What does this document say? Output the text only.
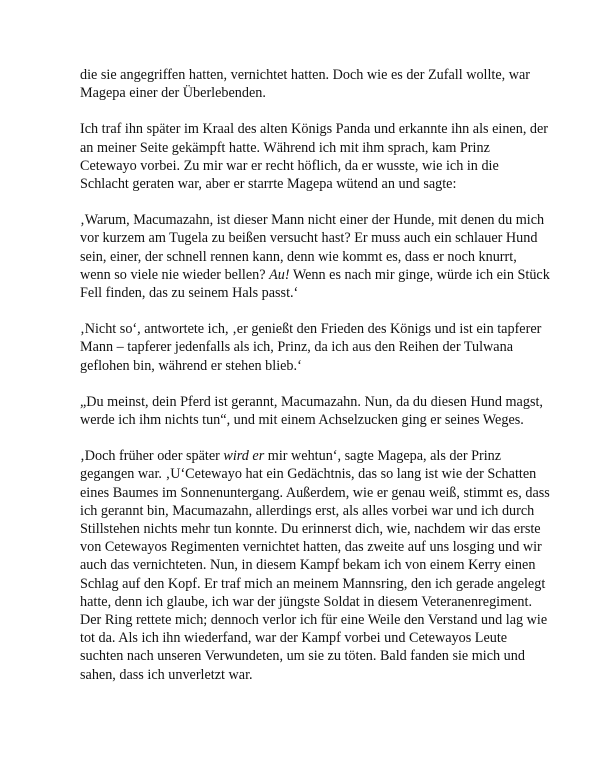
die sie angegriffen hatten, vernichtet hatten. Doch wie es der Zufall wollte, war Magepa einer der Überlebenden.

Ich traf ihn später im Kraal des alten Königs Panda und erkannte ihn als einen, der an meiner Seite gekämpft hatte. Während ich mit ihm sprach, kam Prinz Cetewayo vorbei. Zu mir war er recht höflich, da er wusste, wie ich in die Schlacht geraten war, aber er starrte Magepa wütend an und sagte:

‚Warum, Macumazahn, ist dieser Mann nicht einer der Hunde, mit denen du mich vor kurzem am Tugela zu beißen versucht hast? Er muss auch ein schlauer Hund sein, einer, der schnell rennen kann, denn wie kommt es, dass er noch knurrt, wenn so viele nie wieder bellen? Au! Wenn es nach mir ginge, würde ich ein Stück Fell finden, das zu seinem Hals passt.‘

‚Nicht so‘, antwortete ich, ‚er genießt den Frieden des Königs und ist ein tapferer Mann – tapferer jedenfalls als ich, Prinz, da ich aus den Reihen der Tulwana geflohen bin, während er stehen blieb.‘

„Du meinst, dein Pferd ist gerannt, Macumazahn. Nun, da du diesen Hund magst, werde ich ihm nichts tun“, und mit einem Achselzucken ging er seines Weges.

‚Doch früher oder später wird er mir wehtun‘, sagte Magepa, als der Prinz gegangen war. ‚U‘Cetewayo hat ein Gedächtnis, das so lang ist wie der Schatten eines Baumes im Sonnenuntergang. Außerdem, wie er genau weiß, stimmt es, dass ich gerannt bin, Macumazahn, allerdings erst, als alles vorbei war und ich durch Stillstehen nichts mehr tun konnte. Du erinnerst dich, wie, nachdem wir das erste von Cetewayos Regimenten vernichtet hatten, das zweite auf uns losging und wir auch das vernichteten. Nun, in diesem Kampf bekam ich von einem Kerry einen Schlag auf den Kopf. Er traf mich an meinem Mannsring, den ich gerade angelegt hatte, denn ich glaube, ich war der jüngste Soldat in diesem Veteranenregiment. Der Ring rettete mich; dennoch verlor ich für eine Weile den Verstand und lag wie tot da. Als ich ihn wiederfand, war der Kampf vorbei und Cetewayos Leute suchten nach unseren Verwundeten, um sie zu töten. Bald fanden sie mich und sahen, dass ich unverletzt war.
